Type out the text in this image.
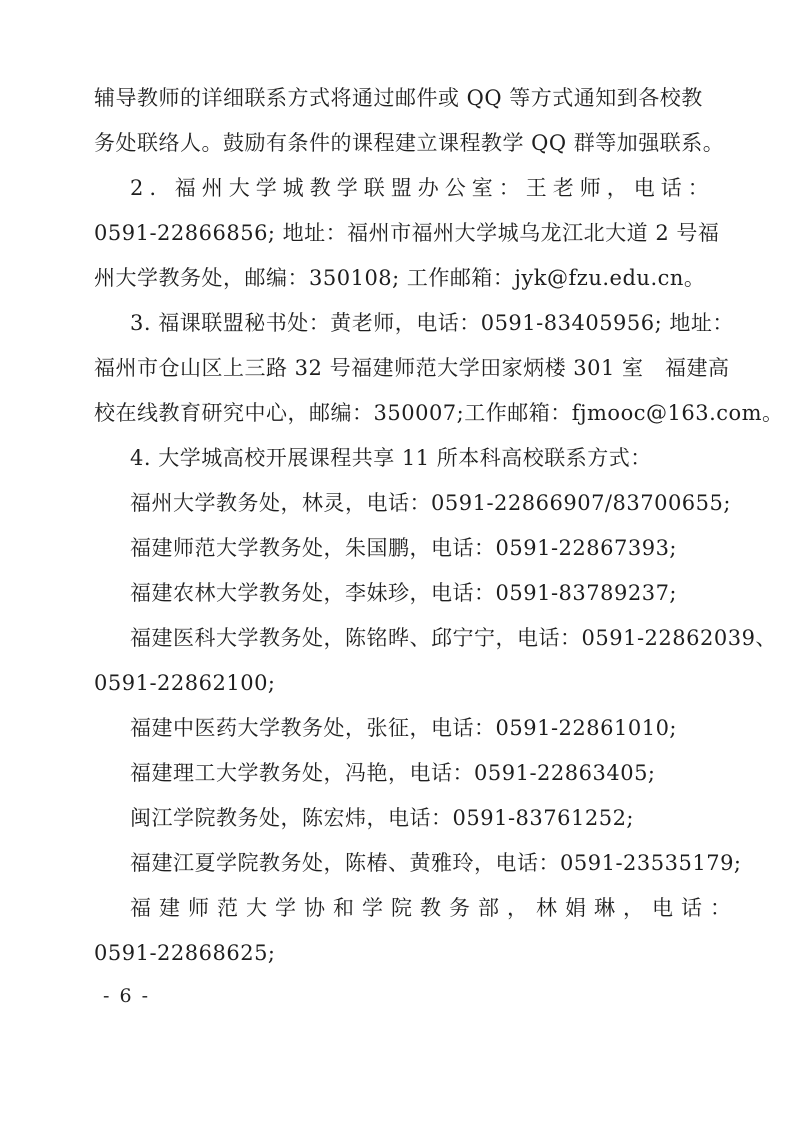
辅导教师的详细联系方式将通过邮件或 QQ 等方式通知到各校教
务处联络人。鼓励有条件的课程建立课程教学 QQ 群等加强联系。
2. 福州大学城教学联盟办公室：王老师，电话：
0591-22866856; 地址：福州市福州大学城乌龙江北大道 2 号福
州大学教务处，邮编：350108; 工作邮箱：jyk@fzu.edu.cn。
3. 福课联盟秘书处：黄老师，电话：0591-83405956; 地址：
福州市仓山区上三路 32 号福建师范大学田家炳楼 301 室　福建高
校在线教育研究中心，邮编：350007;工作邮箱：fjmooc@163.com。
4. 大学城高校开展课程共享 11 所本科高校联系方式：
福州大学教务处，林灵，电话：0591-22866907/83700655;
福建师范大学教务处，朱国鹏，电话：0591-22867393;
福建农林大学教务处，李妹珍，电话：0591-83789237;
福建医科大学教务处，陈铭晔、邱宁宁，电话：0591-22862039、
0591-22862100;
福建中医药大学教务处，张征，电话：0591-22861010;
福建理工大学教务处，冯艳，电话：0591-22863405;
闽江学院教务处，陈宏炜，电话：0591-83761252;
福建江夏学院教务处，陈椿、黄雅玲，电话：0591-23535179;
福建师范大学协和学院教务部，林娟琳，电话：
0591-22868625;
- 6 -
